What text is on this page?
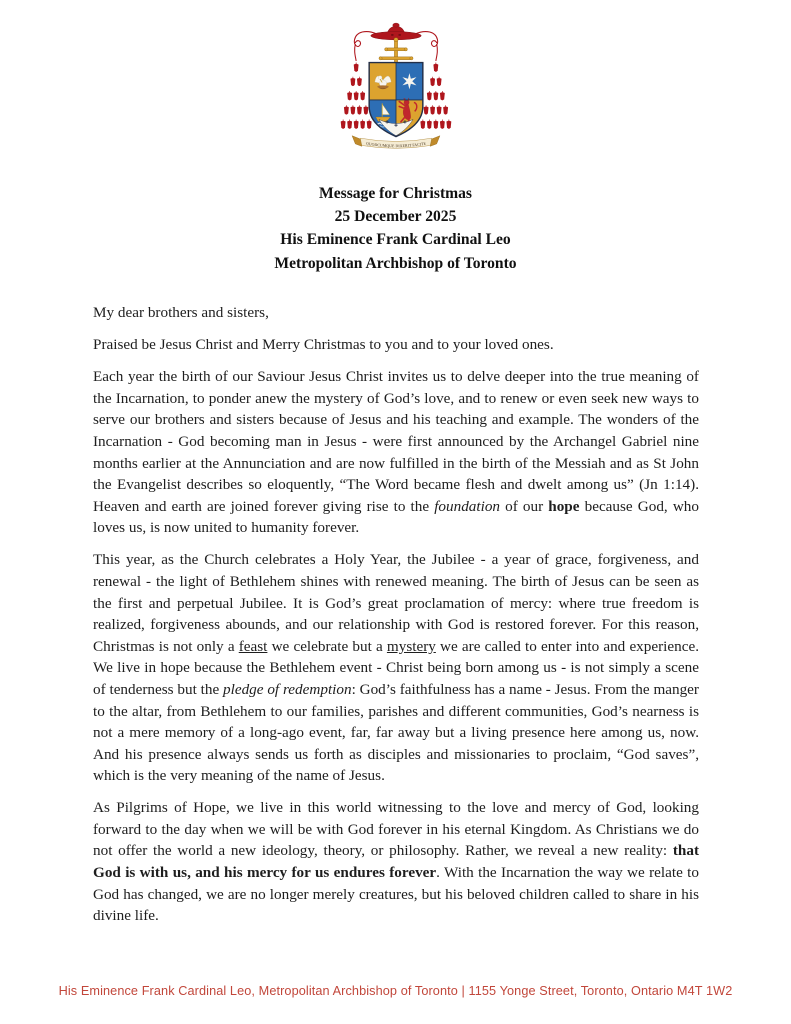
QUODCUMQUE DIXERIT FACITE
Message for Christmas
25 December 2025
His Eminence Frank Cardinal Leo
Metropolitan Archbishop of Toronto

My dear brothers and sisters,

Praised be Jesus Christ and Merry Christmas to you and to your loved ones.

Each year the birth of our Saviour Jesus Christ invites us to delve deeper into the true meaning of the Incarnation, to ponder anew the mystery of God’s love, and to renew or even seek new ways to serve our brothers and sisters because of Jesus and his teaching and example. The wonders of the Incarnation - God becoming man in Jesus - were first announced by the Archangel Gabriel nine months earlier at the Annunciation and are now fulfilled in the birth of the Messiah and as St John the Evangelist describes so eloquently, “The Word became flesh and dwelt among us” (Jn 1:14). Heaven and earth are joined forever giving rise to the foundation of our hope because God, who loves us, is now united to humanity forever.

This year, as the Church celebrates a Holy Year, the Jubilee - a year of grace, forgiveness, and renewal - the light of Bethlehem shines with renewed meaning. The birth of Jesus can be seen as the first and perpetual Jubilee. It is God’s great proclamation of mercy: where true freedom is realized, forgiveness abounds, and our relationship with God is restored forever. For this reason, Christmas is not only a feast we celebrate but a mystery we are called to enter into and experience. We live in hope because the Bethlehem event - Christ being born among us - is not simply a scene of tenderness but the pledge of redemption: God’s faithfulness has a name - Jesus. From the manger to the altar, from Bethlehem to our families, parishes and different communities, God’s nearness is not a mere memory of a long-ago event, far, far away but a living presence here among us, now. And his presence always sends us forth as disciples and missionaries to proclaim, “God saves”, which is the very meaning of the name of Jesus.

As Pilgrims of Hope, we live in this world witnessing to the love and mercy of God, looking forward to the day when we will be with God forever in his eternal Kingdom. As Christians we do not offer the world a new ideology, theory, or philosophy. Rather, we reveal a new reality: that God is with us, and his mercy for us endures forever. With the Incarnation the way we relate to God has changed, we are no longer merely creatures, but his beloved children called to share in his divine life.

His Eminence Frank Cardinal Leo, Metropolitan Archbishop of Toronto | 1155 Yonge Street, Toronto, Ontario M4T 1W2
